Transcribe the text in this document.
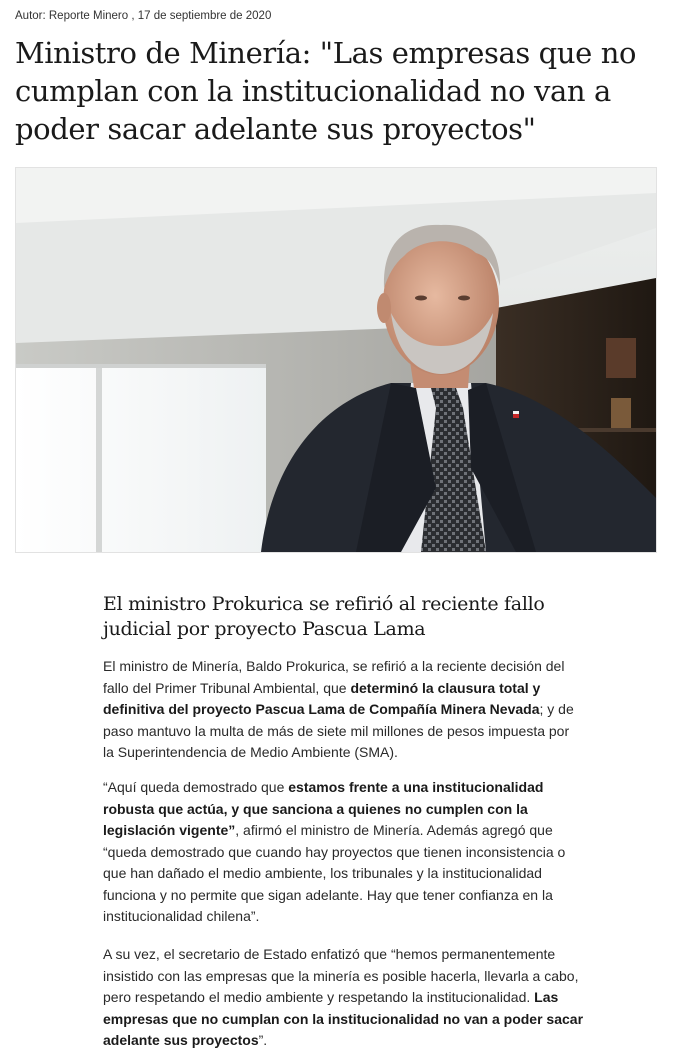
Autor: Reporte Minero , 17 de septiembre de 2020
Ministro de Minería: "Las empresas que no cumplan con la institucionalidad no van a poder sacar adelante sus proyectos"
El ministro Prokurica se refirió al reciente fallo judicial por proyecto Pascua Lama

El ministro de Minería, Baldo Prokurica, se refirió a la reciente decisión del fallo del Primer Tribunal Ambiental, que determinó la clausura total y definitiva del proyecto Pascua Lama de Compañía Minera Nevada; y de paso mantuvo la multa de más de siete mil millones de pesos impuesta por la Superintendencia de Medio Ambiente (SMA).

“Aquí queda demostrado que estamos frente a una institucionalidad robusta que actúa, y que sanciona a quienes no cumplen con la legislación vigente”, afirmó el ministro de Minería. Además agregó que “queda demostrado que cuando hay proyectos que tienen inconsistencia o que han dañado el medio ambiente, los tribunales y la institucionalidad funciona y no permite que sigan adelante. Hay que tener confianza en la institucionalidad chilena”.

A su vez, el secretario de Estado enfatizó que “hemos permanentemente insistido con las empresas que la minería es posible hacerla, llevarla a cabo, pero respetando el medio ambiente y respetando la institucionalidad. Las empresas que no cumplan con la institucionalidad no van a poder sacar adelante sus proyectos”.
